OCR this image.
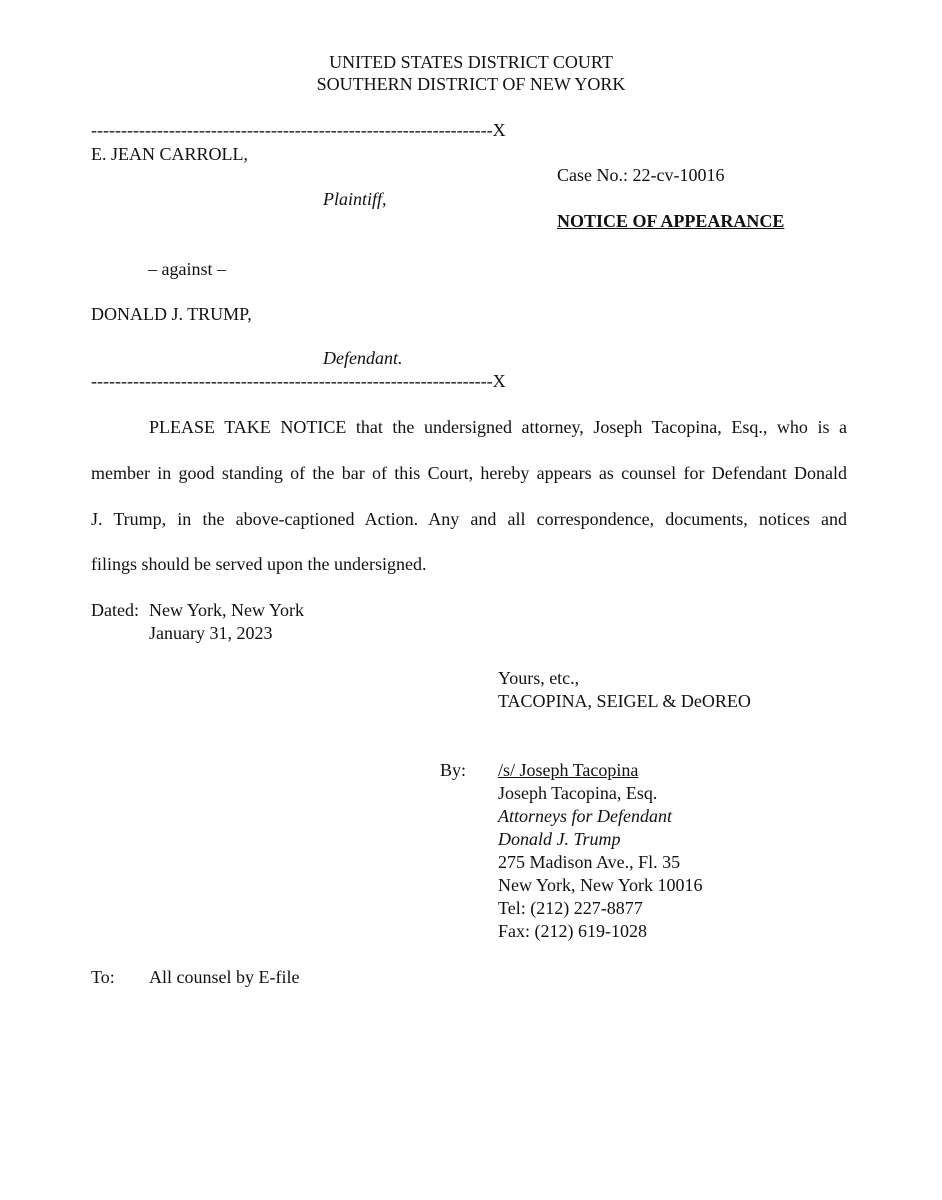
UNITED STATES DISTRICT COURT
SOUTHERN DISTRICT OF NEW YORK
-------------------------------------------------------------------X
E. JEAN CARROLL,
Plaintiff,
– against –
DONALD J. TRUMP,
Defendant.
-------------------------------------------------------------------X
Case No.: 22-cv-10016
NOTICE OF APPEARANCE
PLEASE TAKE NOTICE that the undersigned attorney, Joseph Tacopina, Esq., who is a
member in good standing of the bar of this Court, hereby appears as counsel for Defendant Donald
J. Trump, in the above-captioned Action. Any and all correspondence, documents, notices and
filings should be served upon the undersigned.
Dated: New York, New York
January 31, 2023
Yours, etc.,
TACOPINA, SEIGEL & DeOREO
By: /s/ Joseph Tacopina
Joseph Tacopina, Esq.
Attorneys for Defendant
Donald J. Trump
275 Madison Ave., Fl. 35
New York, New York 10016
Tel: (212) 227-8877
Fax: (212) 619-1028
To: All counsel by E-file
